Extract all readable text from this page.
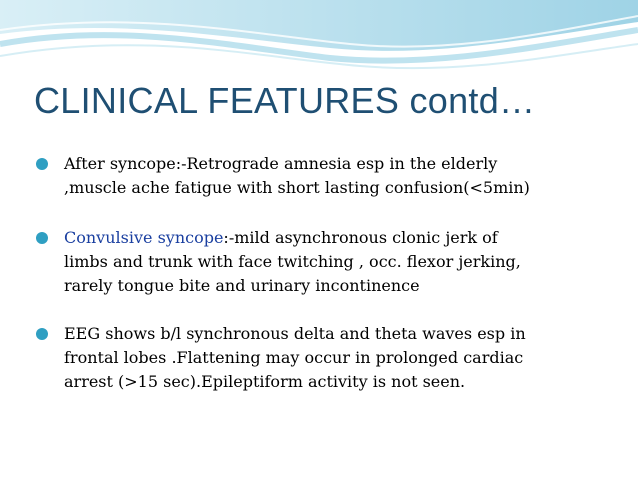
CLINICAL FEATURES contd…
After syncope:-Retrograde amnesia esp in the elderly
,muscle ache fatigue with short lasting confusion(<5min)
Convulsive syncope:-mild asynchronous clonic jerk of
limbs and trunk with face twitching , occ. flexor jerking,
rarely tongue bite and urinary incontinence
EEG shows b/l synchronous delta and theta waves esp in
frontal lobes .Flattening may occur in prolonged cardiac
arrest (>15 sec).Epileptiform activity is not seen.
